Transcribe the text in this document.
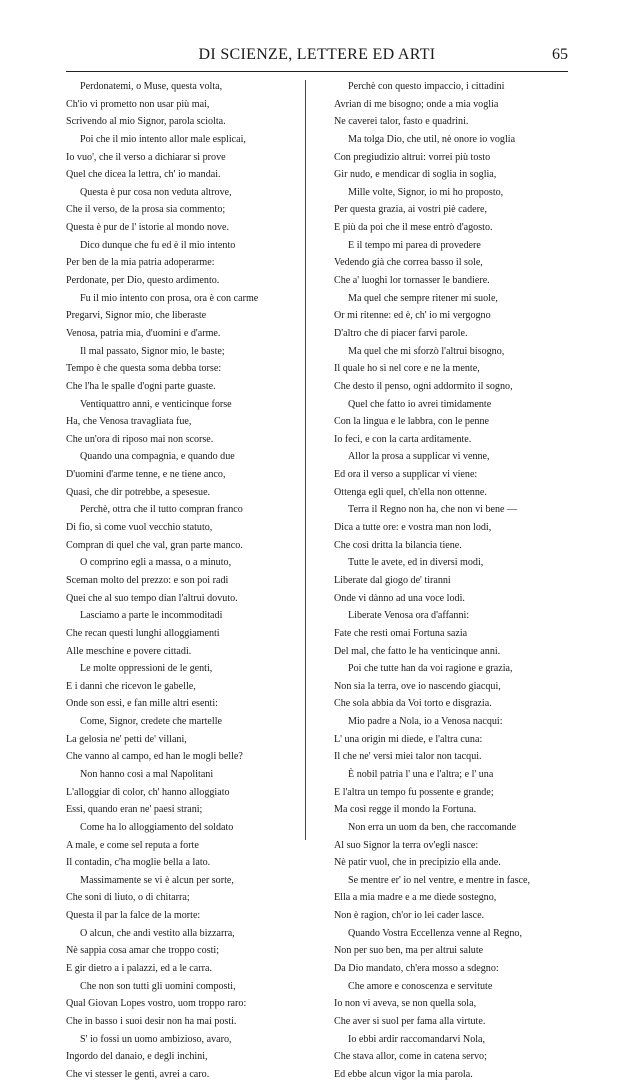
DI SCIENZE, LETTERE ED ARTI	65
Perdonatemi, o Muse, questa volta,
Ch'io vi prometto non usar più mai,
Scrivendo al mio Signor, parola sciolta.
Poi che il mio intento allor male esplicai,
Io vuo', che il verso a dichiarar si prove
Quel che dicea la lettra, ch' io mandai.
Questa è pur cosa non veduta altrove,
Che il verso, de la prosa sia commento;
Questa è pur de l' istorie al mondo nove.
Dico dunque che fu ed è il mio intento
Per ben de la mia patria adoperarme:
Perdonate, per Dio, questo ardimento.
Fu il mio intento con prosa, ora è con carme
Pregarvi, Signor mio, che liberaste
Venosa, patria mia, d'uomini e d'arme.
Il mal passato, Signor mio, le baste;
Tempo è che questa soma debba torse:
Che l'ha le spalle d'ogni parte guaste.
Ventiquattro anni, e venticinque forse
Ha, che Venosa travagliata fue,
Che un'ora di riposo mai non scorse.
Quando una compagnia, e quando due
D'uomini d'arme tenne, e ne tiene anco,
Quasi, che dir potrebbe, a spesesue.
Perchè, ottra che il tutto compran franco
Di fio, sì come vuol vecchio statuto,
Compran di quel che val, gran parte manco.
O comprino egli a massa, o a minuto,
Sceman molto del prezzo: e son poi radi
Quei che al suo tempo dian l'altrui dovuto.
Lasciamo a parte le incommoditadi
Che recan questi lunghi alloggiamenti
Alle meschine e povere cittadi.
Le molte oppressioni de le genti,
E i danni che ricevon le gabelle,
Onde son essi, e fan mille altri esenti:
Come, Signor, credete che martelle
La gelosia ne' petti de' villani,
Che vanno al campo, ed han le mogli belle?
Non hanno così a mal Napolitani
L'alloggiar di color, ch' hanno alloggiato
Essi, quando eran ne' paesi strani;
Come ha lo alloggiamento del soldato
A male, e come sel reputa a forte
Il contadin, c'ha moglie bella a lato.
Massimamente se vi è alcun per sorte,
Che soni di liuto, o di chitarra;
Questa il par la falce de la morte:
O alcun, che andi vestito alla bizzarra,
Nè sappia cosa amar che troppo costi;
E gir dietro a i palazzi, ed a le carra.
Che non son tutti gli uomini composti,
Qual Giovan Lopes vostro, uom troppo raro:
Che in basso i suoi desir non ha mai posti.
S' io fossi un uomo ambizioso, avaro,
Ingordo del danaio, e degli inchini,
Che vi stesser le genti, avrei a caro.
Perchè con questo impaccio, i cittadini
Avrian di me bisogno; onde a mia voglia
Ne caverei talor, fasto e quadrini.
Ma tolga Dio, che util, nè onore io voglia
Con pregiudizio altrui: vorrei più tosto
Gir nudo, e mendicar di soglia in soglia,
Mille volte, Signor, io mi ho proposto,
Per questa grazia, ai vostri piè cadere,
E più da poi che il mese entrò d'agosto.
E il tempo mi parea di provedere
Vedendo già che correa basso il sole,
Che a' luoghi lor tornasser le bandiere.
Ma quel che sempre ritener mi suole,
Or mi ritenne: ed è, ch' io mi vergogno
D'altro che di piacer farvi parole.
Ma quel che mi sforzò l'altrui bisogno,
Il quale ho sì nel core e ne la mente,
Che desto il penso, ogni addormito il sogno,
Quel che fatto io avrei timidamente
Con la lingua e le labbra, con le penne
Io feci, e con la carta arditamente.
Allor la prosa a supplicar vi venne,
Ed ora il verso a supplicar vi viene:
Ottenga egli quel, ch'ella non ottenne.
Terra il Regno non ha, che non vi bene —
Dica a tutte ore: e vostra man non lodi,
Che così dritta la bilancia tiene.
Tutte le avete, ed in diversi modi,
Liberate dal giogo de' tiranni
Onde vi dànno ad una voce lodi.
Liberate Venosa ora d'affanni:
Fate che resti omai Fortuna sazia
Del mal, che fatto le ha venticinque anni.
Poi che tutte han da voi ragione e grazia,
Non sia la terra, ove io nascendo giacqui,
Che sola abbia da Voi torto e disgrazia.
Mio padre a Nola, io a Venosa nacqui:
L' una origin mi diede, e l'altra cuna:
Il che ne' versi miei talor non tacqui.
È nobil patria l' una e l'altra; e l' una
E l'altra un tempo fu possente e grande;
Ma così regge il mondo la Fortuna.
Non erra un uom da ben, che raccomande
Al suo Signor la terra ov'egli nasce:
Nè patir vuol, che in precipizio ella ande.
Se mentre er' io nel ventre, e mentre in fasce,
Ella a mia madre e a me diede sostegno,
Non è ragion, ch'or io lei cader lasce.
Quando Vostra Eccellenza venne al Regno,
Non per suo ben, ma per altrui salute
Da Dio mandato, ch'era mosso a sdegno:
Che amore e conoscenza e servitute
Io non vi aveva, se non quella sola,
Che aver si suol per fama alla virtute.
Io ebbi ardir raccomandarvi Nola,
Che stava allor, come in catena servo;
Ed ebbe alcun vigor la mia parola.
